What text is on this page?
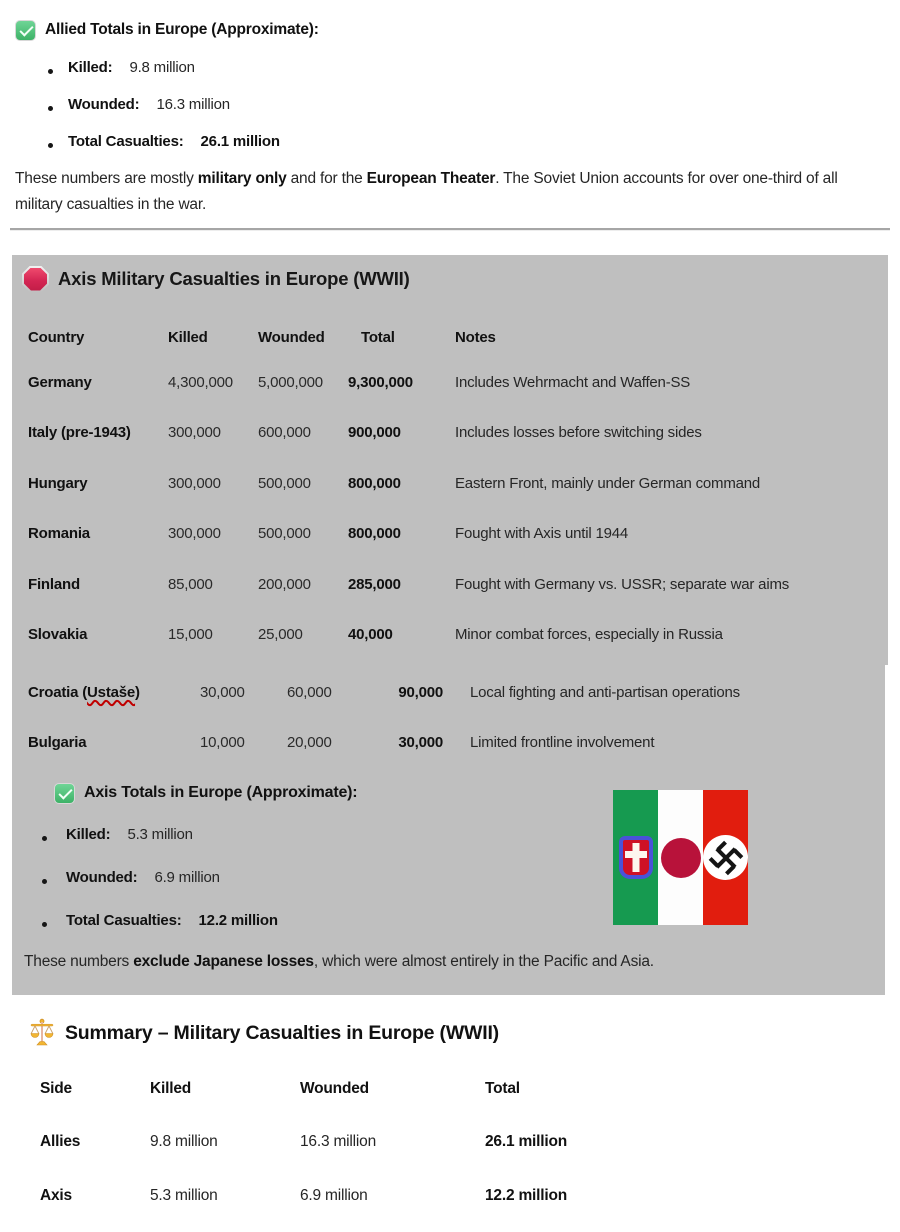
Allied Totals in Europe (Approximate):
Killed: 9.8 million
Wounded: 16.3 million
Total Casualties: 26.1 million
These numbers are mostly military only and for the European Theater. The Soviet Union accounts for over one-third of all military casualties in the war.
Axis Military Casualties in Europe (WWII)
Country	Killed	Wounded	Total	Notes
Germany	4,300,000	5,000,000	9,300,000	Includes Wehrmacht and Waffen-SS
Italy (pre-1943)	300,000	600,000	900,000	Includes losses before switching sides
Hungary	300,000	500,000	800,000	Eastern Front, mainly under German command
Romania	300,000	500,000	800,000	Fought with Axis until 1944
Finland	85,000	200,000	285,000	Fought with Germany vs. USSR; separate war aims
Slovakia	15,000	25,000	40,000	Minor combat forces, especially in Russia
Croatia (Ustaše)	30,000	60,000	90,000	Local fighting and anti-partisan operations
Bulgaria	10,000	20,000	30,000	Limited frontline involvement
Axis Totals in Europe (Approximate):
Killed: 5.3 million
Wounded: 6.9 million
Total Casualties: 12.2 million
These numbers exclude Japanese losses, which were almost entirely in the Pacific and Asia.
Summary – Military Casualties in Europe (WWII)
Side	Killed	Wounded	Total
Allies	9.8 million	16.3 million	26.1 million
Axis	5.3 million	6.9 million	12.2 million
